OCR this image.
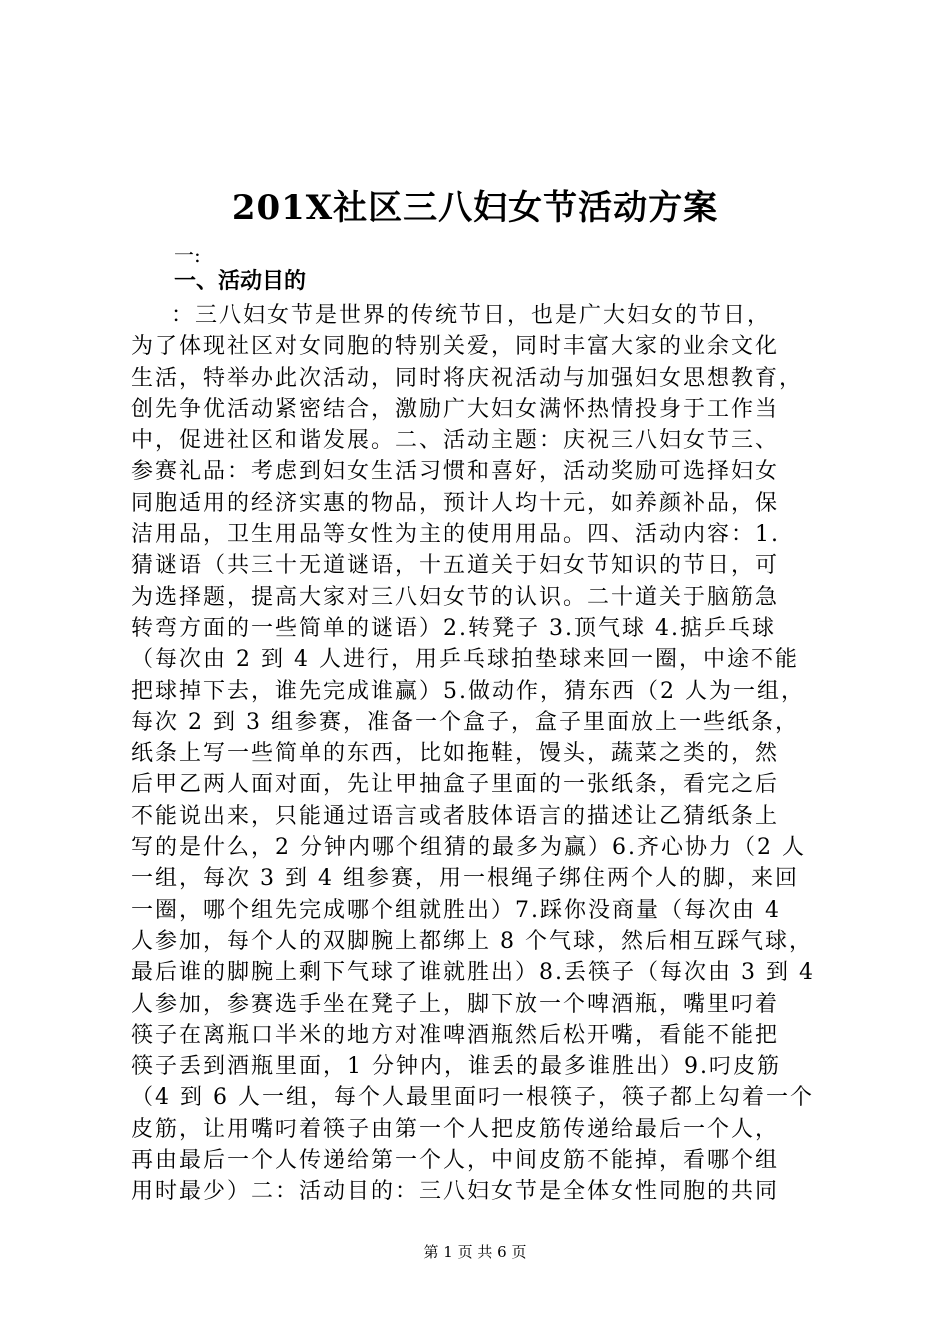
201X社区三八妇女节活动方案
一:
一、活动目的
：三八妇女节是世界的传统节日，也是广大妇女的节日，
为了体现社区对女同胞的特别关爱，同时丰富大家的业余文化
生活，特举办此次活动，同时将庆祝活动与加强妇女思想教育，
创先争优活动紧密结合，激励广大妇女满怀热情投身于工作当
中，促进社区和谐发展。二、活动主题：庆祝三八妇女节三、
参赛礼品：考虑到妇女生活习惯和喜好，活动奖励可选择妇女
同胞适用的经济实惠的物品，预计人均十元，如养颜补品，保
洁用品，卫生用品等女性为主的使用用品。四、活动内容：1.
猜谜语（共三十无道谜语，十五道关于妇女节知识的节日，可
为选择题，提高大家对三八妇女节的认识。二十道关于脑筋急
转弯方面的一些简单的谜语）2.转凳子 3.顶气球 4.掂乒乓球
（每次由 2 到 4 人进行，用乒乓球拍垫球来回一圈，中途不能
把球掉下去，谁先完成谁赢）5.做动作，猜东西（2 人为一组，
每次 2 到 3 组参赛，准备一个盒子，盒子里面放上一些纸条，
纸条上写一些简单的东西，比如拖鞋，馒头，蔬菜之类的，然
后甲乙两人面对面，先让甲抽盒子里面的一张纸条，看完之后
不能说出来，只能通过语言或者肢体语言的描述让乙猜纸条上
写的是什么，2 分钟内哪个组猜的最多为赢）6.齐心协力（2 人
一组，每次 3 到 4 组参赛，用一根绳子绑住两个人的脚，来回
一圈，哪个组先完成哪个组就胜出）7.踩你没商量（每次由 4
人参加，每个人的双脚腕上都绑上 8 个气球，然后相互踩气球，
最后谁的脚腕上剩下气球了谁就胜出）8.丢筷子（每次由 3 到 4
人参加，参赛选手坐在凳子上，脚下放一个啤酒瓶，嘴里叼着
筷子在离瓶口半米的地方对准啤酒瓶然后松开嘴，看能不能把
筷子丢到酒瓶里面，1 分钟内，谁丢的最多谁胜出）9.叼皮筋
（4 到 6 人一组，每个人最里面叼一根筷子，筷子都上勾着一个
皮筋，让用嘴叼着筷子由第一个人把皮筋传递给最后一个人，
再由最后一个人传递给第一个人，中间皮筋不能掉，看哪个组
用时最少）二：活动目的：三八妇女节是全体女性同胞的共同
第 1 页 共 6 页
